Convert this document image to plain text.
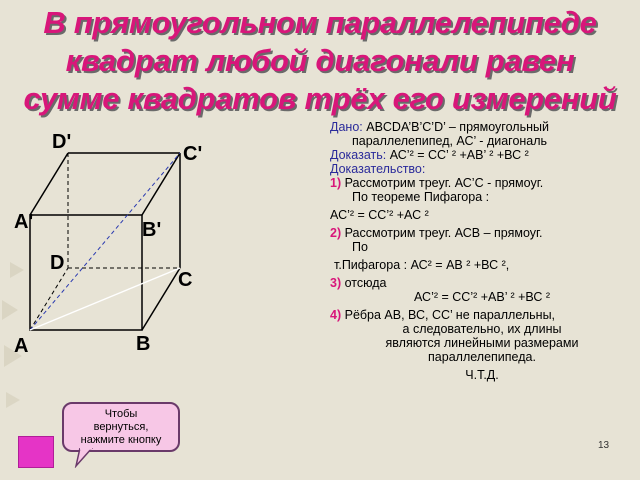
В прямоугольном параллелепипеде
квадрат любой диагонали равен
сумме квадратов трёх его измерений
D'
C'
A'	B'
D
C
A	B
Дано: ABCDA’B’C’D’ – прямоугольный
параллелепипед, АС’ - диагональ
Доказать: АС’² = СС’ ² +АВ’ ² +ВС ²
Доказательство:
1) Рассмотрим треуг. АС’С - прямоуг.
По теореме Пифагора :
АС’² = СС’² +АС ²
2) Рассмотрим треуг. АСВ – прямоуг.
По
т.Пифагора : АС² = АВ ² +ВС ²,
3) отсюда
АС’² = СС’² +АВ’ ² +ВС ²
4) Рёбра АВ, ВС, СС’ не параллельны,
а следовательно, их длины
являются линейными размерами
параллелепипеда.
Ч.Т.Д.
Чтобы
вернуться,
нажмите кнопку	13
